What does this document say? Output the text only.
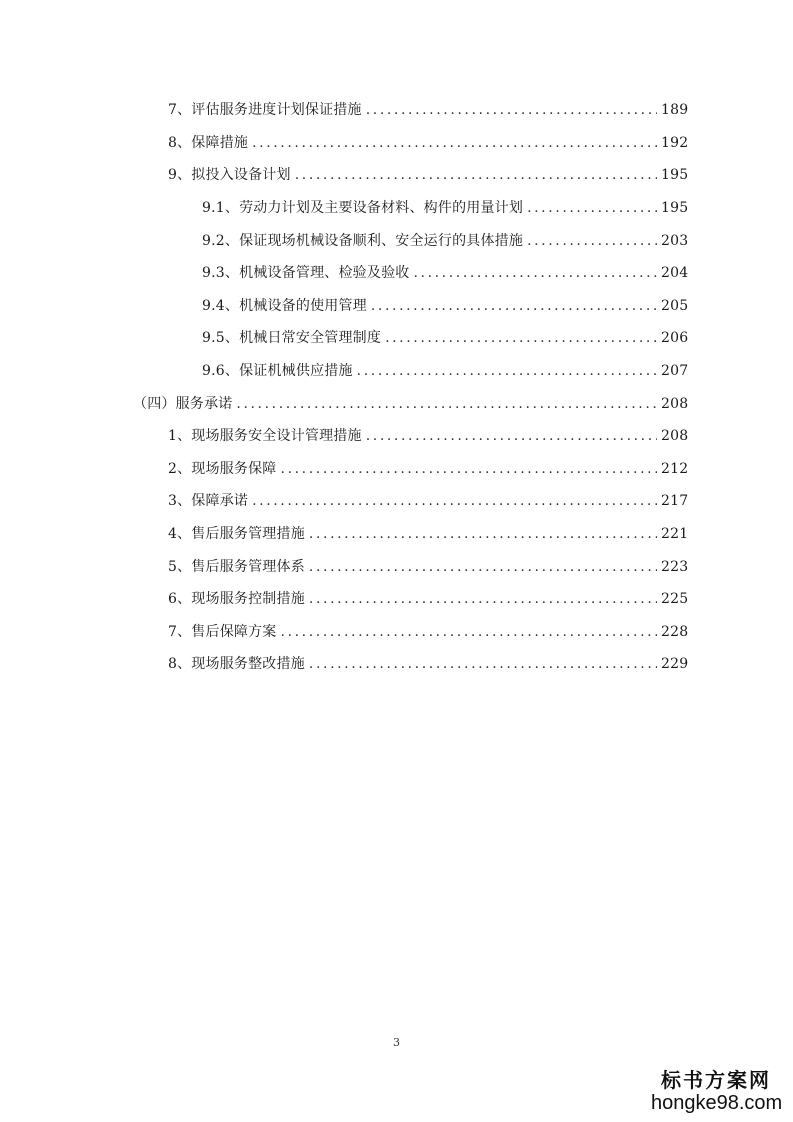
7、评估服务进度计划保证措施 .....	189
8、保障措施 .....	192
9、拟投入设备计划 .....	195
9.1、劳动力计划及主要设备材料、构件的用量计划 .....	195
9.2、保证现场机械设备顺利、安全运行的具体措施 .....	203
9.3、机械设备管理、检验及验收 .....	204
9.4、机械设备的使用管理 .....	205
9.5、机械日常安全管理制度 .....	206
9.6、保证机械供应措施 .....	207
（四）服务承诺 .....	208
1、现场服务安全设计管理措施 .....	208
2、现场服务保障 .....	212
3、保障承诺 .....	217
4、售后服务管理措施 .....	221
5、售后服务管理体系 .....	223
6、现场服务控制措施 .....	225
7、售后保障方案 .....	228
8、现场服务整改措施 .....	229
3
标书方案网
hongke98.com
